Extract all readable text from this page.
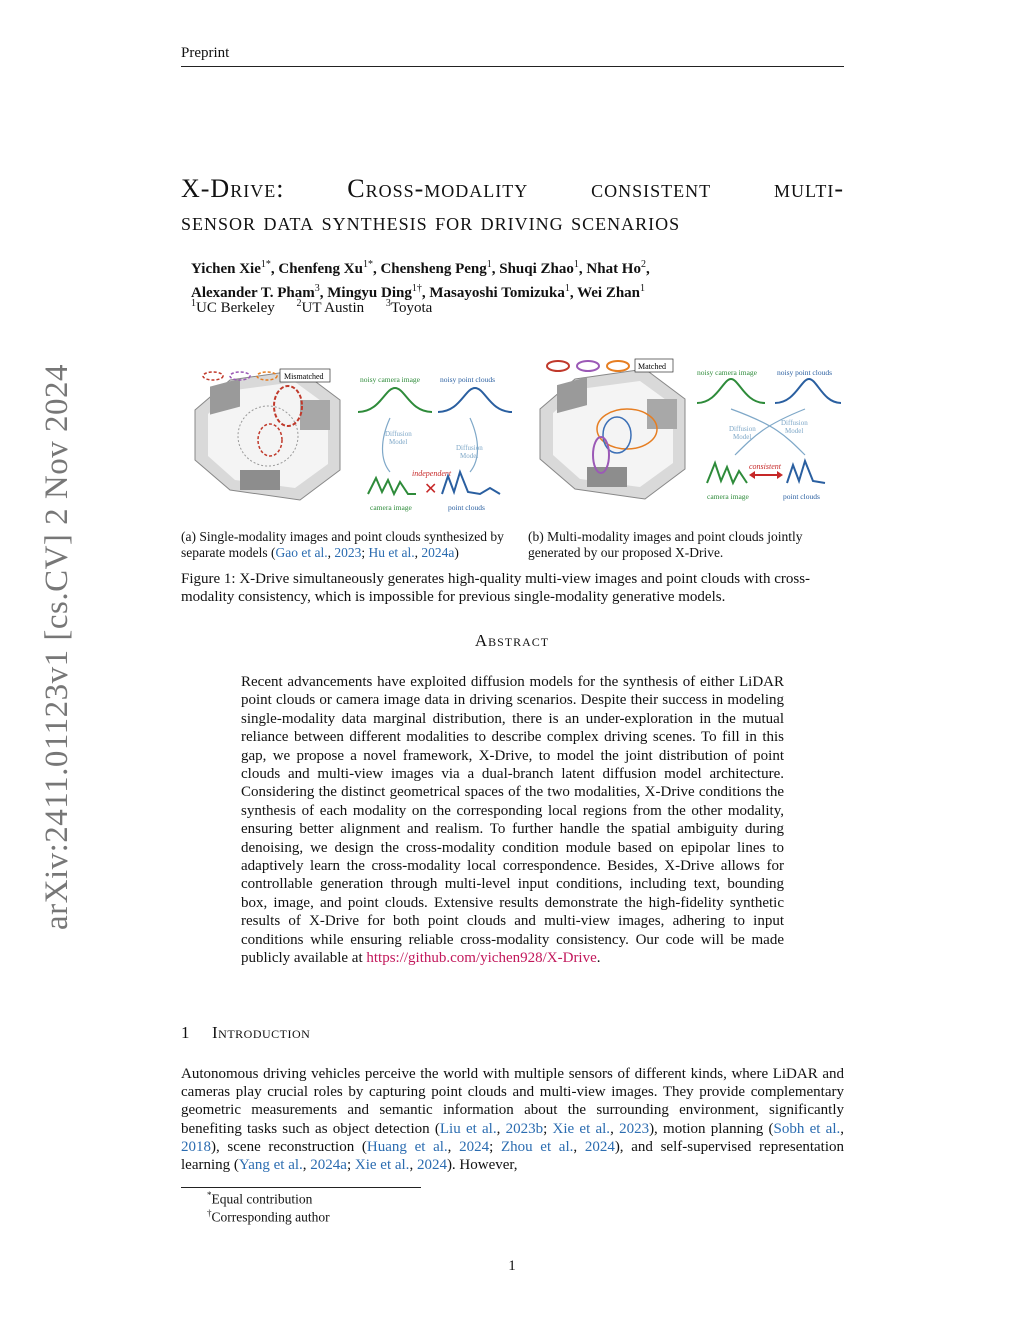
Preprint
arXiv:2411.01123v1 [cs.CV] 2 Nov 2024
X-Drive: Cross-modality consistent multi-
sensor data synthesis for driving scenarios
Yichen Xie$^{1*}$, Chenfeng $Xu^{1*}$, Chensheng Peng$^1$, Shuqi Zhao$^1$, Nhat Ho$^2$,
Alexander T. Pham$^3$, Mingyu Ding$^{1\dagger}$, Masayoshi Tomizuka$^1$, Wei Zhan$^1$
$^1$UC Berkeley $^2$UT Austin $^3$Toyota
Mismatched	noisy camera image	noisy point clouds
Diffusion Model
Diffusion Model
independent
✕
camera image	point clouds
Matched
noisy camera image	noisy point clouds
Diffusion Model
Diffusion Model
consistent
camera image	point clouds
(a) Single-modality images and point clouds synthesized by separate models (Gao et al., 2023; Hu et al., 2024a)
(b) Multi-modality images and point clouds jointly generated by our proposed X-Drive.
Figure 1: X-Drive simultaneously generates high-quality multi-view images and point clouds with cross-modality consistency, which is impossible for previous single-modality generative models.
Abstract
Recent advancements have exploited diffusion models for the synthesis of either LiDAR point clouds or camera image data in driving scenarios. Despite their success in modeling single-modality data marginal distribution, there is an under-exploration in the mutual reliance between different modalities to describe complex driving scenes. To fill in this gap, we propose a novel framework, X-Drive, to model the joint distribution of point clouds and multi-view images via a dual-branch latent diffusion model architecture. Considering the distinct geometrical spaces of the two modalities, X-Drive conditions the synthesis of each modality on the corresponding local regions from the other modality, ensuring better alignment and realism. To further handle the spatial ambiguity during denoising, we design the cross-modality condition module based on epipolar lines to adaptively learn the cross-modality local correspondence. Besides, X-Drive allows for controllable generation through multi-level input conditions, including text, bounding box, image, and point clouds. Extensive results demonstrate the high-fidelity synthetic results of X-Drive for both point clouds and multi-view images, adhering to input conditions while ensuring reliable cross-modality consistency. Our code will be made publicly available at https://github.com/yichen928/X-Drive.
1 Introduction
Autonomous driving vehicles perceive the world with multiple sensors of different kinds, where LiDAR and cameras play crucial roles by capturing point clouds and multi-view images. They provide complementary geometric measurements and semantic information about the surrounding environment, significantly benefiting tasks such as object detection (Liu et al., 2023b; Xie et al., 2023), motion planning (Sobh et al., 2018), scene reconstruction (Huang et al., 2024; Zhou et al., 2024), and self-supervised representation learning (Yang et al., 2024a; Xie et al., 2024). However,
*Equal contribution
†Corresponding author
1
